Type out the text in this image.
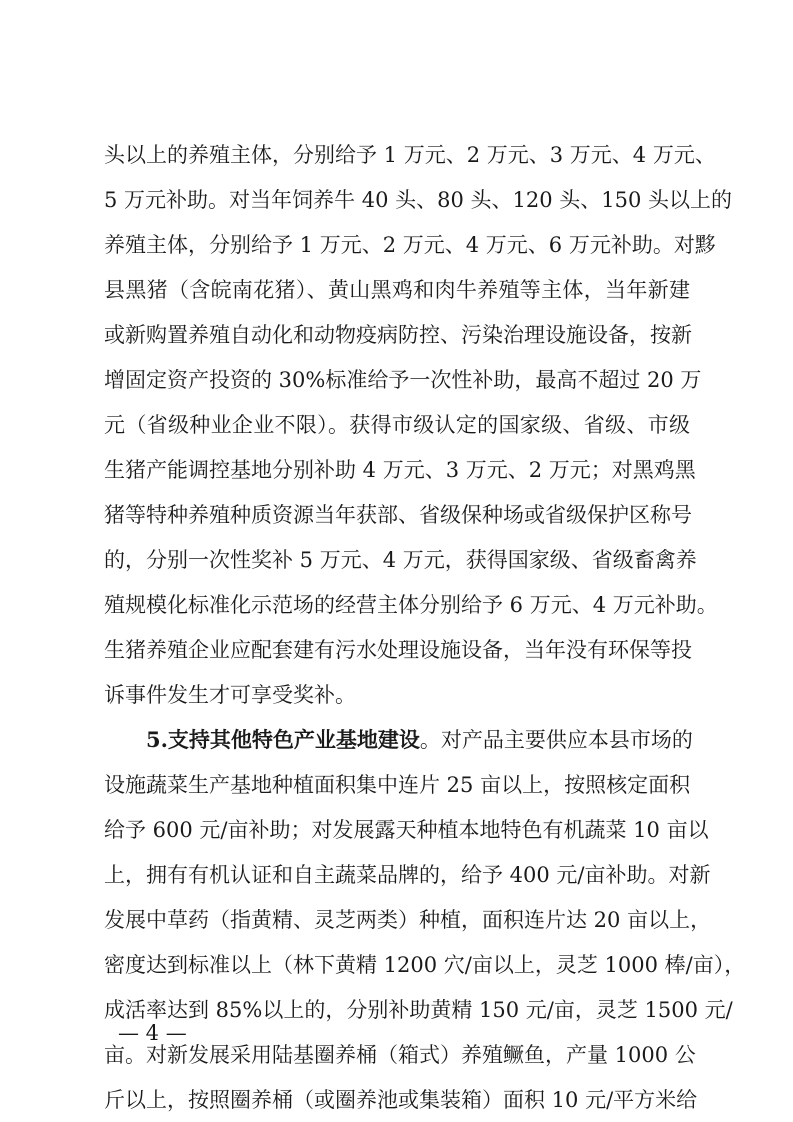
头以上的养殖主体，分别给予 1 万元、2 万元、3 万元、4 万元、
5 万元补助。对当年饲养牛 40 头、80 头、120 头、150 头以上的
养殖主体，分别给予 1 万元、2 万元、4 万元、6 万元补助。对黟
县黑猪（含皖南花猪）、黄山黑鸡和肉牛养殖等主体，当年新建
或新购置养殖自动化和动物疫病防控、污染治理设施设备，按新
增固定资产投资的 30%标准给予一次性补助，最高不超过 20 万
元（省级种业企业不限）。获得市级认定的国家级、省级、市级
生猪产能调控基地分别补助 4 万元、3 万元、2 万元；对黑鸡黑
猪等特种养殖种质资源当年获部、省级保种场或省级保护区称号
的，分别一次性奖补 5 万元、4 万元，获得国家级、省级畜禽养
殖规模化标准化示范场的经营主体分别给予 6 万元、4 万元补助。
生猪养殖企业应配套建有污水处理设施设备，当年没有环保等投
诉事件发生才可享受奖补。
5.支持其他特色产业基地建设。对产品主要供应本县市场的
设施蔬菜生产基地种植面积集中连片 25 亩以上，按照核定面积
给予 600 元/亩补助；对发展露天种植本地特色有机蔬菜 10 亩以
上，拥有有机认证和自主蔬菜品牌的，给予 400 元/亩补助。对新
发展中草药（指黄精、灵芝两类）种植，面积连片达 20 亩以上，
密度达到标准以上（林下黄精 1200 穴/亩以上，灵芝 1000 棒/亩），
成活率达到 85%以上的，分别补助黄精 150 元/亩，灵芝 1500 元/
亩。对新发展采用陆基圈养桶（箱式）养殖鳜鱼，产量 1000 公
斤以上，按照圈养桶（或圈养池或集装箱）面积 10 元/平方米给
— 4 —
